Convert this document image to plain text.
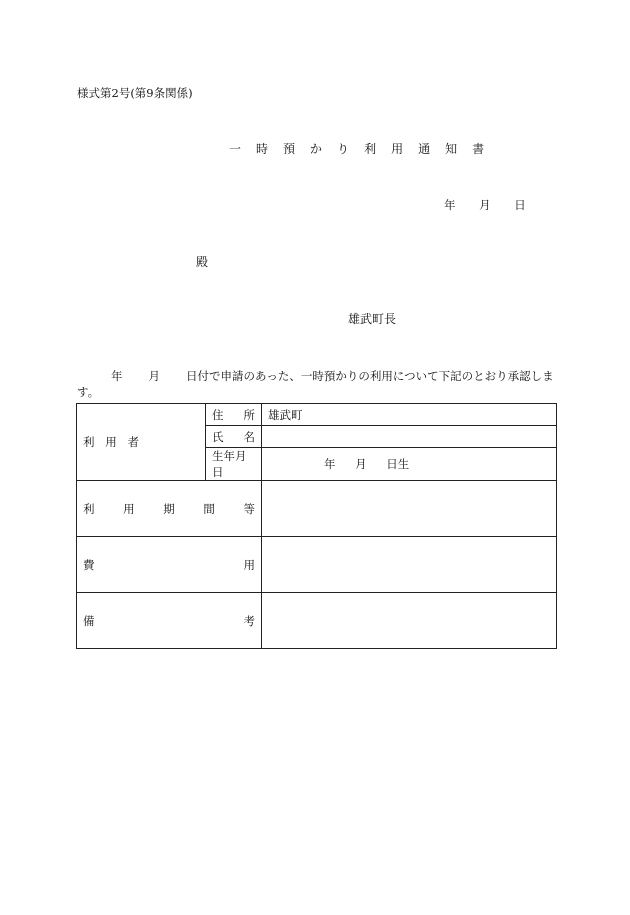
様式第2号(第9条関係)
一 時 預 か り 利 用 通 知 書
年 月 日
殿
雄武町長
年 月 日付で申請のあった、一時預かりの利用について下記のとおり承認します。
利 用 者	住 所	雄武町

	氏 名	

	生年月日	年 月 日生

利 用 期 間 等		

費 用		

備 考		
